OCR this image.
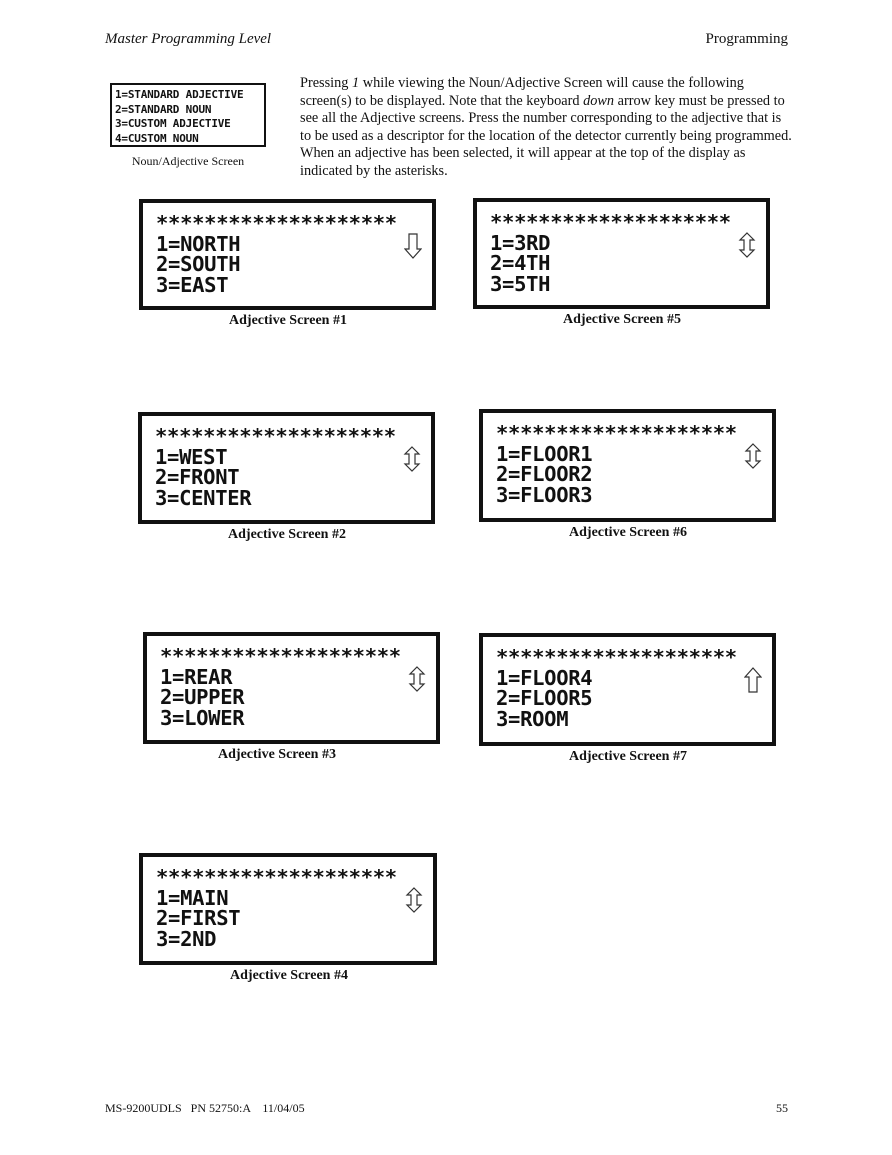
Master Programming Level	Programming
1=STANDARD ADJECTIVE
2=STANDARD NOUN
3=CUSTOM ADJECTIVE
4=CUSTOM NOUN
Noun/Adjective Screen
Pressing 1 while viewing the Noun/Adjective Screen will cause the following screen(s) to be displayed. Note that the keyboard down arrow key must be pressed to see all the Adjective screens. Press the number corresponding to the adjective that is to be used as a descriptor for the location of the detector currently being programmed. When an adjective has been selected, it will appear at the top of the display as indicated by the asterisks.
********************
1=NORTH
2=SOUTH
3=EAST
Adjective Screen #1
********************
1=3RD
2=4TH
3=5TH
Adjective Screen #5
********************
1=WEST
2=FRONT
3=CENTER
Adjective Screen #2
********************
1=FLOOR1
2=FLOOR2
3=FLOOR3
Adjective Screen #6
********************
1=REAR
2=UPPER
3=LOWER
Adjective Screen #3
********************
1=FLOOR4
2=FLOOR5
3=ROOM
Adjective Screen #7
********************
1=MAIN
2=FIRST
3=2ND
Adjective Screen #4
MS-9200UDLS   PN 52750:A    11/04/05	55
